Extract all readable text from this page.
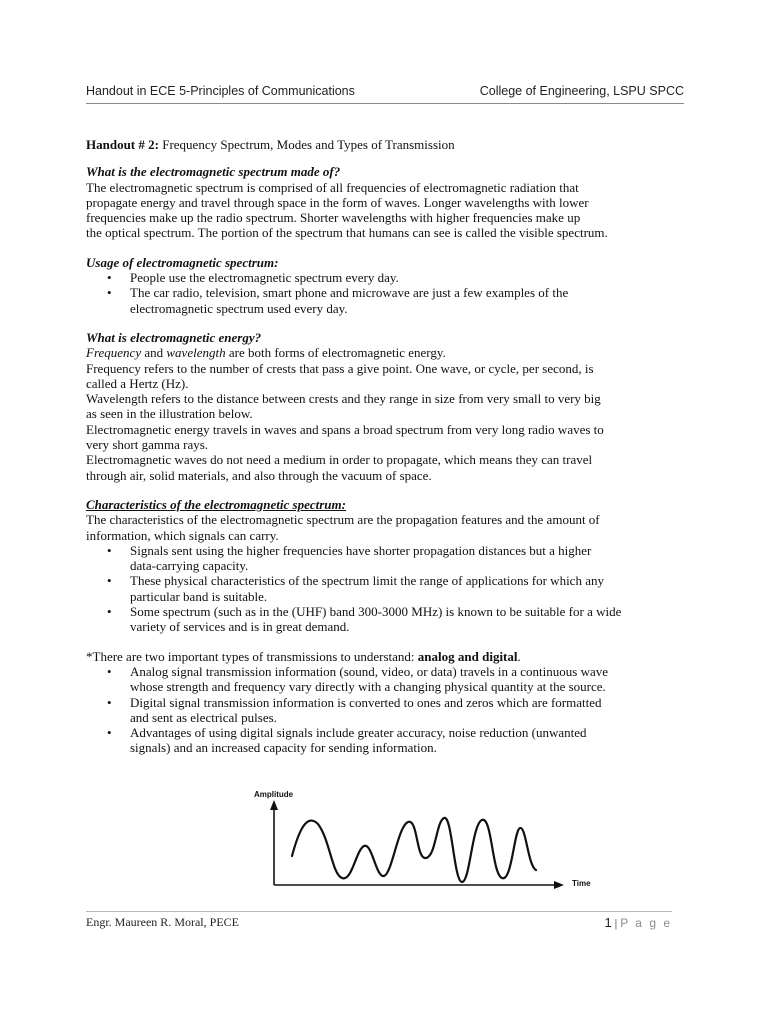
Handout in ECE 5-Principles of Communications	College of Engineering, LSPU SPCC

Handout # 2: Frequency Spectrum, Modes and Types of Transmission

What is the electromagnetic spectrum made of?

The electromagnetic spectrum is comprised of all frequencies of electromagnetic radiation that

propagate energy and travel through space in the form of waves. Longer wavelengths with lower

frequencies make up the radio spectrum. Shorter wavelengths with higher frequencies make up

the optical spectrum. The portion of the spectrum that humans can see is called the visible spectrum.

Usage of electromagnetic spectrum:

• People use the electromagnetic spectrum every day.

• The car radio, television, smart phone and microwave are just a few examples of the

electromagnetic spectrum used every day.

What is electromagnetic energy?

Frequency and wavelength are both forms of electromagnetic energy.

Frequency refers to the number of crests that pass a give point. One wave, or cycle, per second, is

called a Hertz (Hz).

Wavelength refers to the distance between crests and they range in size from very small to very big

as seen in the illustration below.

Electromagnetic energy travels in waves and spans a broad spectrum from very long radio waves to

very short gamma rays.

Electromagnetic waves do not need a medium in order to propagate, which means they can travel

through air, solid materials, and also through the vacuum of space.

Characteristics of the electromagnetic spectrum:

The characteristics of the electromagnetic spectrum are the propagation features and the amount of

information, which signals can carry.

• Signals sent using the higher frequencies have shorter propagation distances but a higher

data-carrying capacity.

• These physical characteristics of the spectrum limit the range of applications for which any

particular band is suitable.

• Some spectrum (such as in the (UHF) band 300-3000 MHz) is known to be suitable for a wide

variety of services and is in great demand.

*There are two important types of transmissions to understand: analog and digital.

• Analog signal transmission information (sound, video, or data) travels in a continuous wave

whose strength and frequency vary directly with a changing physical quantity at the source.

• Digital signal transmission information is converted to ones and zeros which are formatted

and sent as electrical pulses.

• Advantages of using digital signals include greater accuracy, noise reduction (unwanted

signals) and an increased capacity for sending information.

Amplitude
Time
Engr. Maureen R. Moral, PECE	1 | P a g e
